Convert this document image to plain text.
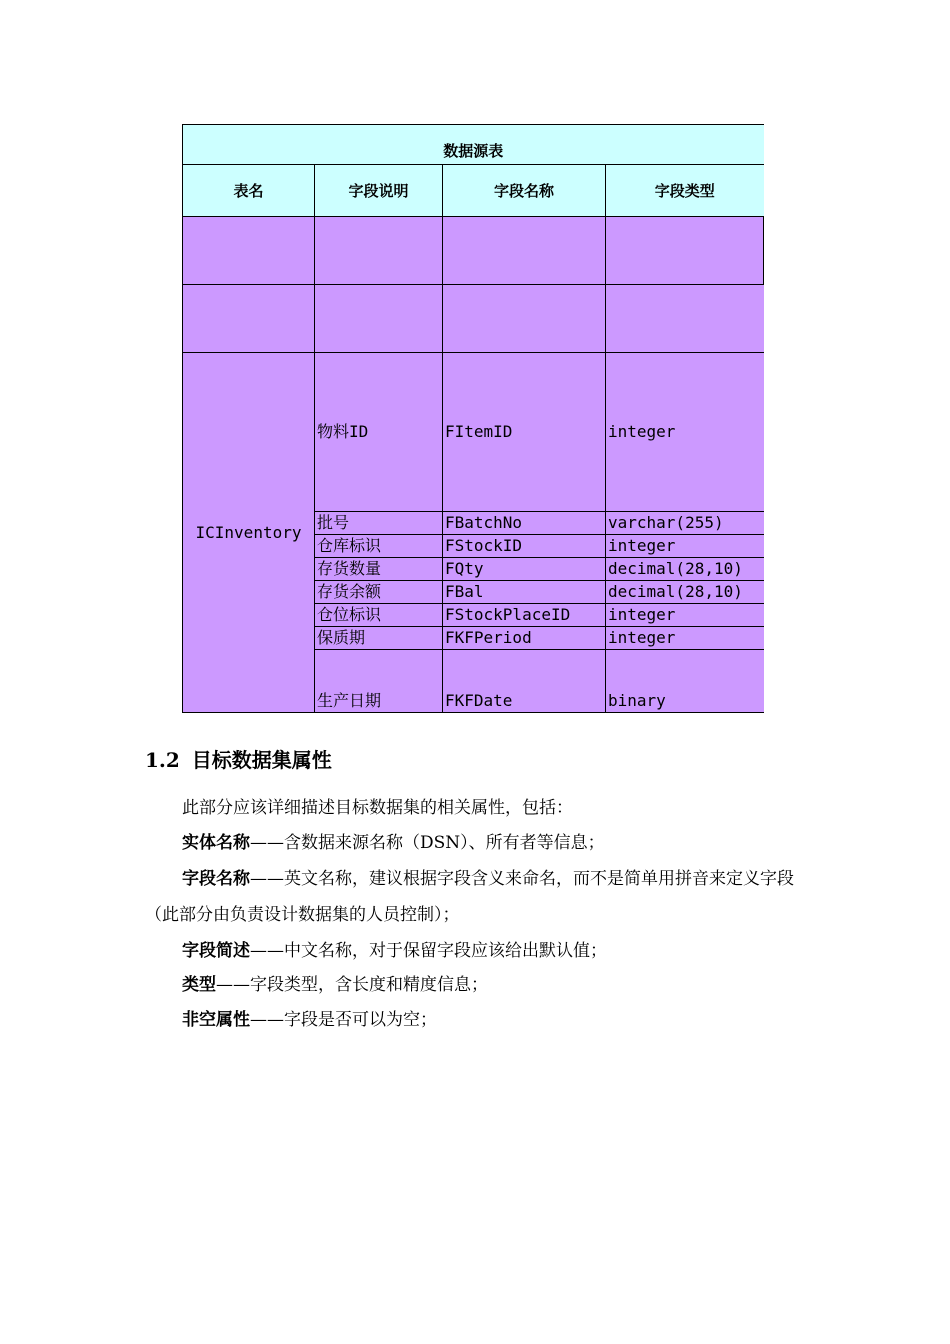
数据源表			
表名	字段说明	字段名称	字段类型

ICInventory	物料ID	FItemID	integer
	批号	FBatchNo	varchar(255)
	仓库标识	FStockID	integer
	存货数量	FQty	decimal(28,10)
	存货余额	FBal	decimal(28,10)
	仓位标识	FStockPlaceID	integer
	保质期	FKFPeriod	integer
	生产日期	FKFDate	binary
1.2 目标数据集属性
此部分应该详细描述目标数据集的相关属性，包括：
实体名称——含数据来源名称（DSN）、所有者等信息；
字段名称——英文名称，建议根据字段含义来命名，而不是简单用拼音来定义字段（此部分由负责设计数据集的人员控制）；
字段简述——中文名称，对于保留字段应该给出默认值；
类型——字段类型，含长度和精度信息；
非空属性——字段是否可以为空；
